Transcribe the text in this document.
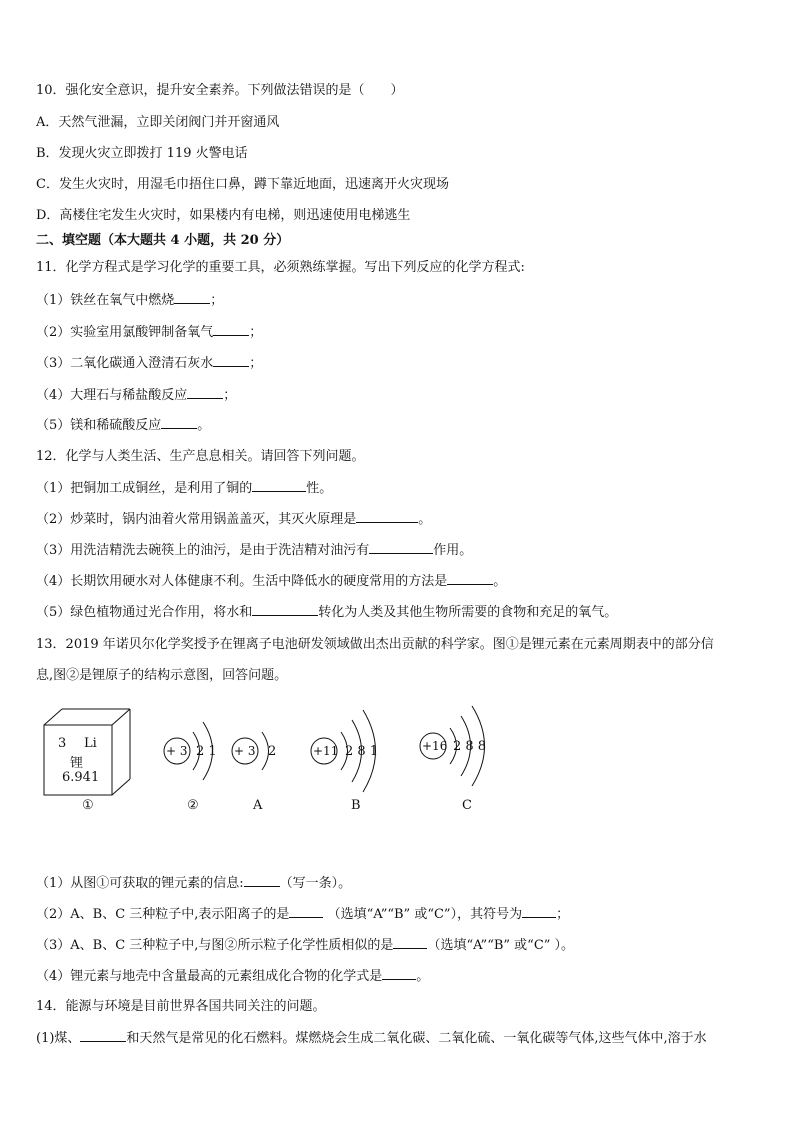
10．强化安全意识，提升安全素养。下列做法错误的是（　　）
A．天然气泄漏，立即关闭阀门并开窗通风
B．发现火灾立即拨打 119 火警电话
C．发生火灾时，用湿毛巾捂住口鼻，蹲下靠近地面，迅速离开火灾现场
D．高楼住宅发生火灾时，如果楼内有电梯，则迅速使用电梯逃生
二、填空题（本大题共 4 小题，共 20 分）
11．化学方程式是学习化学的重要工具，必须熟练掌握。写出下列反应的化学方程式:
（1）铁丝在氧气中燃烧	；
（2）实验室用氯酸钾制备氧气	；
（3）二氧化碳通入澄清石灰水	；
（4）大理石与稀盐酸反应	；
（5）镁和稀硫酸反应	。
12．化学与人类生活、生产息息相关。请回答下列问题。
（1）把铜加工成铜丝，是利用了铜的	性。
（2）炒菜时，锅内油着火常用锅盖盖灭，其灭火原理是	。
（3）用洗洁精洗去碗筷上的油污，是由于洗洁精对油污有	作用。
（4）长期饮用硬水对人体健康不利。生活中降低水的硬度常用的方法是	。
（5）绿色植物通过光合作用，将水和	转化为人类及其他生物所需要的食物和充足的氧气。
13．2019 年诺贝尔化学奖授予在锂离子电池研发领域做出杰出贡献的科学家。图①是锂元素在元素周期表中的部分信
息,图②是锂原子的结构示意图，回答问题。
3 Li
锂
6.941
①
+ 3 2 1
②
+ 3 2
A
+11 2 8 1
B
+16 2 8 8
C
（1）从图①可获取的锂元素的信息:	（写一条）。
（2）A、B、C 三种粒子中,表示阳离子的是	（选填“A”“B” 或“C”），其符号为	；
（3）A、B、C 三种粒子中,与图②所示粒子化学性质相似的是	（选填“A”“B” 或“C” ）。
（4）锂元素与地壳中含量最高的元素组成化合物的化学式是	。
14．能源与环境是目前世界各国共同关注的问题。
(1)煤、	和天然气是常见的化石燃料。煤燃烧会生成二氧化碳、二氧化硫、一氧化碳等气体,这些气体中,溶于水
